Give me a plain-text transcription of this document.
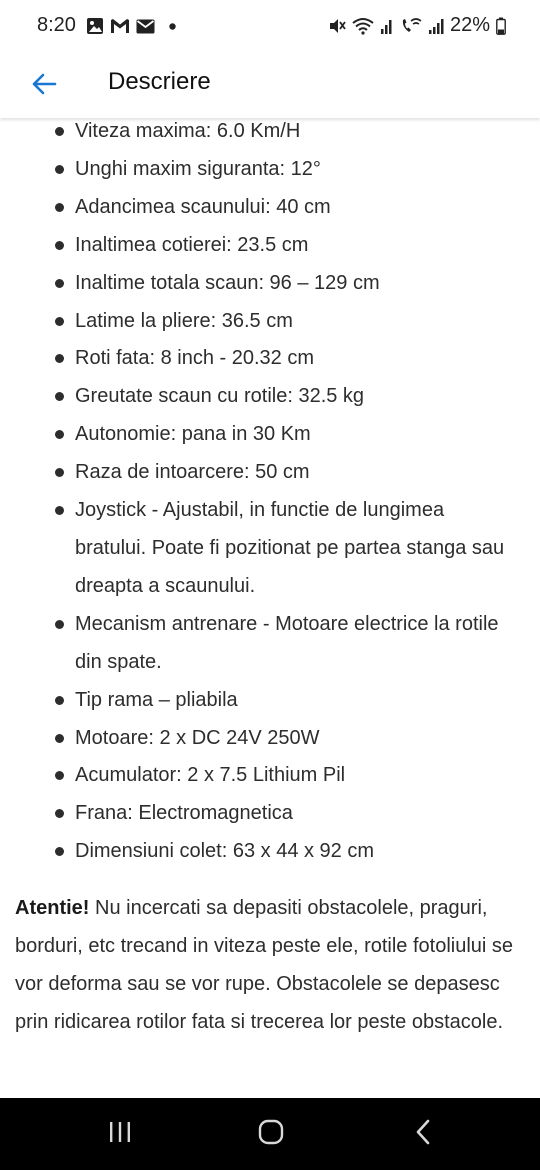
8:20	22%
Descriere
Viteza maxima: 6.0 Km/H
Unghi maxim siguranta: 12°
Adancimea scaunului: 40 cm
Inaltimea cotierei: 23.5 cm
Inaltime totala scaun: 96 – 129 cm
Latime la pliere: 36.5 cm
Roti fata: 8 inch - 20.32 cm
Greutate scaun cu rotile: 32.5 kg
Autonomie: pana in 30 Km
Raza de intoarcere: 50 cm
Joystick - Ajustabil, in functie de lungimea bratului. Poate fi pozitionat pe partea stanga sau dreapta a scaunului.
Mecanism antrenare - Motoare electrice la rotile din spate.
Tip rama – pliabila
Motoare: 2 x DC 24V 250W
Acumulator: 2 x 7.5 Lithium Pil
Frana: Electromagnetica
Dimensiuni colet: 63 x 44 x 92 cm

Atentie! Nu incercati sa depasiti obstacolele, praguri, borduri, etc trecand in viteza peste ele, rotile fotoliului se vor deforma sau se vor rupe. Obstacolele se depasesc prin ridicarea rotilor fata si trecerea lor peste obstacole.
